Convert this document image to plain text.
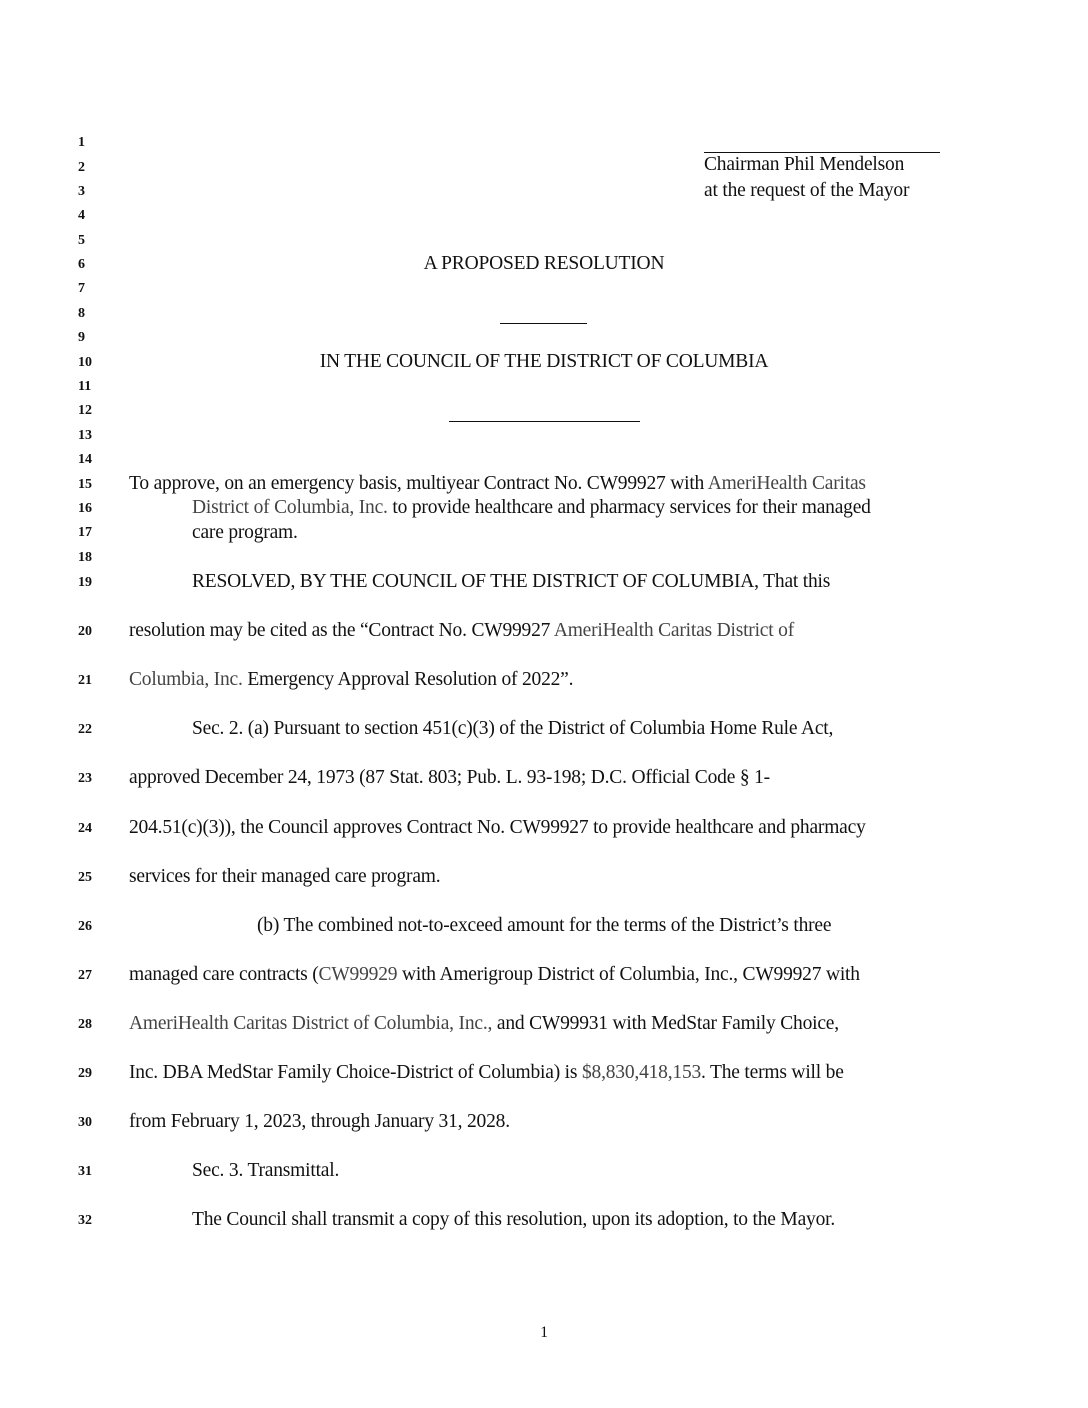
1
2
3
4
5
6
7
8
9
10
11
12
13
14
15
16
17
18
19
20
21
22
23
24
25
26
27
28
29
30
31
32
Chairman Phil Mendelson
at the request of the Mayor
A PROPOSED RESOLUTION
IN THE COUNCIL OF THE DISTRICT OF COLUMBIA
To approve, on an emergency basis, multiyear Contract No. CW99927 with AmeriHealth Caritas
District of Columbia, Inc. to provide healthcare and pharmacy services for their managed
care program.
RESOLVED, BY THE COUNCIL OF THE DISTRICT OF COLUMBIA, That this
resolution may be cited as the “Contract No. CW99927 AmeriHealth Caritas District of
Columbia, Inc. Emergency Approval Resolution of 2022”.
Sec. 2. (a) Pursuant to section 451(c)(3) of the District of Columbia Home Rule Act,
approved December 24, 1973 (87 Stat. 803; Pub. L. 93-198; D.C. Official Code § 1-
204.51(c)(3)), the Council approves Contract No. CW99927 to provide healthcare and pharmacy
services for their managed care program.
(b) The combined not-to-exceed amount for the terms of the District’s three
managed care contracts (CW99929 with Amerigroup District of Columbia, Inc., CW99927 with
AmeriHealth Caritas District of Columbia, Inc., and CW99931 with MedStar Family Choice,
Inc. DBA MedStar Family Choice-District of Columbia) is $8,830,418,153. The terms will be
from February 1, 2023, through January 31, 2028.
Sec. 3. Transmittal.
The Council shall transmit a copy of this resolution, upon its adoption, to the Mayor.
1
